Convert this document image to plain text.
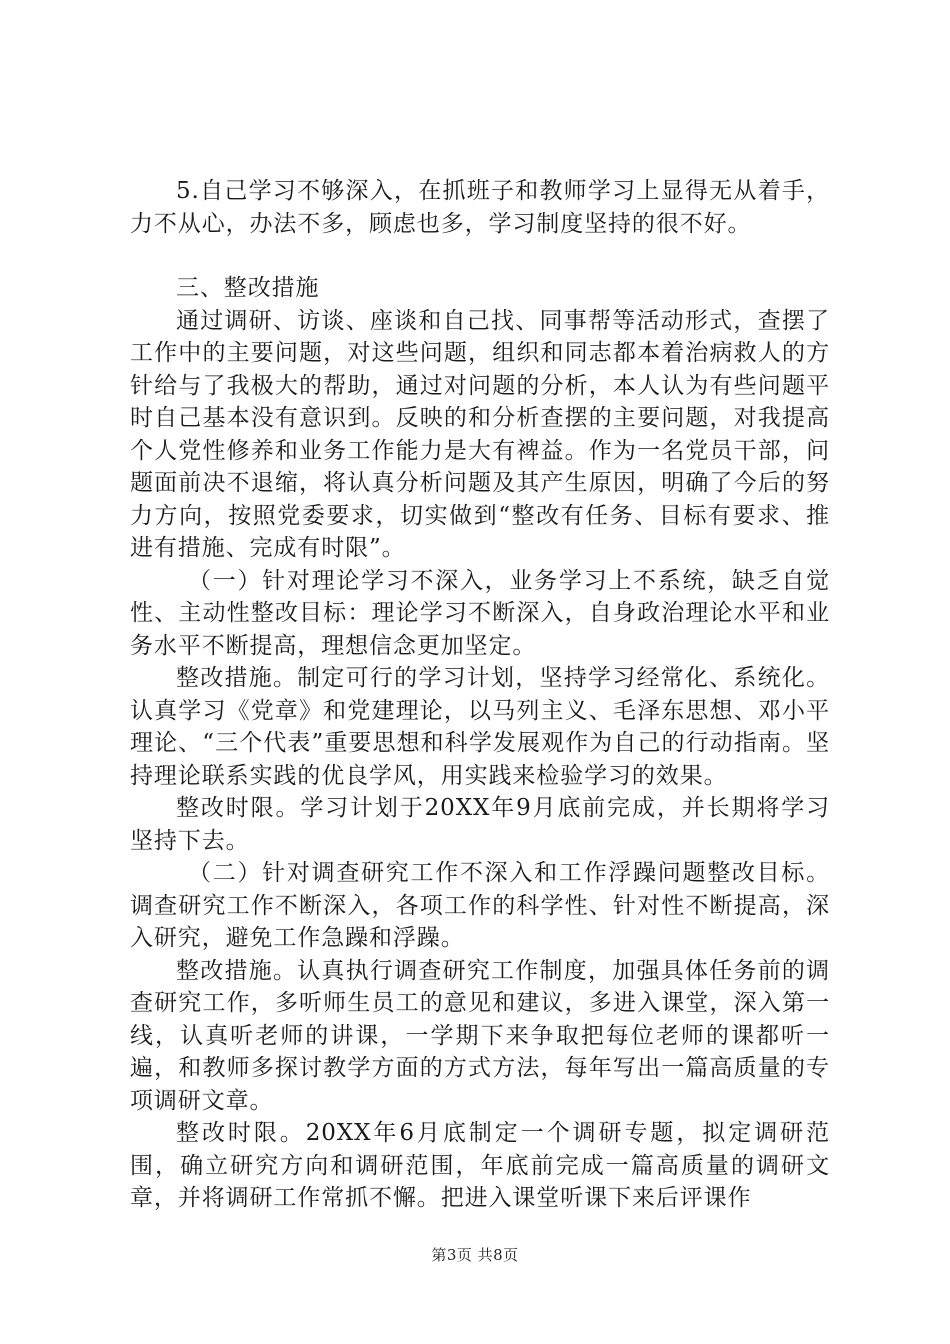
5.自己学习不够深入，在抓班子和教师学习上显得无从着手，力不从心，办法不多，顾虑也多，学习制度坚持的很不好。

三、整改措施

通过调研、访谈、座谈和自己找、同事帮等活动形式，查摆了工作中的主要问题，对这些问题，组织和同志都本着治病救人的方针给与了我极大的帮助，通过对问题的分析，本人认为有些问题平时自己基本没有意识到。反映的和分析查摆的主要问题，对我提高个人党性修养和业务工作能力是大有裨益。作为一名党员干部，问题面前决不退缩，将认真分析问题及其产生原因，明确了今后的努力方向，按照党委要求，切实做到“整改有任务、目标有要求、推进有措施、完成有时限”。

（一）针对理论学习不深入，业务学习上不系统，缺乏自觉性、主动性整改目标：理论学习不断深入，自身政治理论水平和业务水平不断提高，理想信念更加坚定。

整改措施。制定可行的学习计划，坚持学习经常化、系统化。认真学习《党章》和党建理论，以马列主义、毛泽东思想、邓小平理论、“三个代表”重要思想和科学发展观作为自己的行动指南。坚持理论联系实践的优良学风，用实践来检验学习的效果。

整改时限。学习计划于20XX年9月底前完成，并长期将学习坚持下去。

（二）针对调查研究工作不深入和工作浮躁问题整改目标。调查研究工作不断深入，各项工作的科学性、针对性不断提高，深入研究，避免工作急躁和浮躁。

整改措施。认真执行调查研究工作制度，加强具体任务前的调查研究工作，多听师生员工的意见和建议，多进入课堂，深入第一线，认真听老师的讲课，一学期下来争取把每位老师的课都听一遍，和教师多探讨教学方面的方式方法，每年写出一篇高质量的专项调研文章。

整改时限。20XX年6月底制定一个调研专题，拟定调研范围，确立研究方向和调研范围，年底前完成一篇高质量的调研文章，并将调研工作常抓不懈。把进入课堂听课下来后评课作

第3页 共8页
